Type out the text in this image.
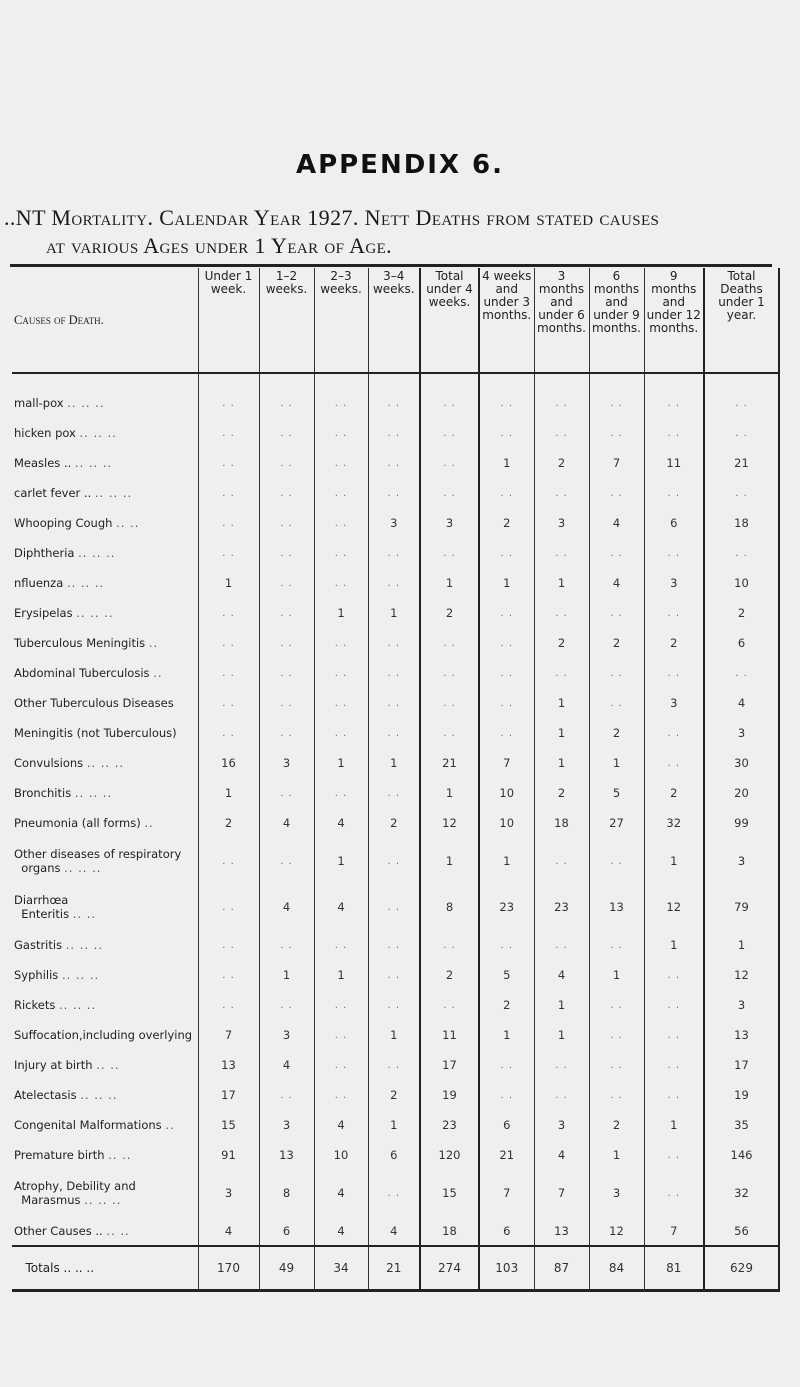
APPENDIX 6.
..NT Mortality. Calendar Year 1927. Nett Deaths from stated causes
at various Ages under 1 Year of Age.
Causes of Death.	Under 1 week.	1–2 weeks.	2–3 weeks.	3–4 weeks.	Total under 4 weeks.	4 weeks and under 3 months.	3 months and under 6 months.	6 months and under 9 months.	9 months and under 12 months.	Total Deaths under 1 year.

mall-pox .. .. ..	. .	. .	. .	. .	. .	. .	. .	. .	. .	. .
hicken pox .. .. ..	. .	. .	. .	. .	. .	. .	. .	. .	. .	. .
Measles .. .. .. ..	. .	. .	. .	. .	. .	1	2	7	11	21
carlet fever .. .. .. ..	. .	. .	. .	. .	. .	. .	. .	. .	. .	. .
Whooping Cough .. ..	. .	. .	. .	3	3	2	3	4	6	18
Diphtheria .. .. ..	. .	. .	. .	. .	. .	. .	. .	. .	. .	. .
nfluenza .. .. ..	1	. .	. .	. .	1	1	1	4	3	10
Erysipelas .. .. ..	. .	. .	1	1	2	. .	. .	. .	. .	2
Tuberculous Meningitis ..	. .	. .	. .	. .	. .	. .	2	2	2	6
Abdominal Tuberculosis ..	. .	. .	. .	. .	. .	. .	. .	. .	. .	. .
Other Tuberculous Diseases	. .	. .	. .	. .	. .	. .	1	. .	3	4
Meningitis (not Tuberculous)	. .	. .	. .	. .	. .	. .	1	2	. .	3
Convulsions .. .. ..	16	3	1	1	21	7	1	1	. .	30
Bronchitis .. .. ..	1	. .	. .	. .	1	10	2	5	2	20
Pneumonia (all forms) ..	2	4	4	2	12	10	18	27	32	99
Other diseases of respiratory
organs .. .. ..	. .	. .	1	. .	1	1	. .	. .	1	3
Diarrhœa
Enteritis .. ..	. .	4	4	. .	8	23	23	13	12	79
Gastritis .. .. ..	. .	. .	. .	. .	. .	. .	. .	. .	1	1
Syphilis .. .. ..	. .	1	1	. .	2	5	4	1	. .	12
Rickets .. .. ..	. .	. .	. .	. .	. .	2	1	. .	. .	3
Suffocation,including overlying	7	3	. .	1	11	1	1	. .	. .	13
Injury at birth .. ..	13	4	. .	. .	17	. .	. .	. .	. .	17
Atelectasis .. .. ..	17	. .	. .	2	19	. .	. .	. .	. .	19
Congenital Malformations ..	15	3	4	1	23	6	3	2	1	35
Premature birth .. ..	91	13	10	6	120	21	4	1	. .	146
Atrophy, Debility and
Marasmus .. .. ..	3	8	4	. .	15	7	7	3	. .	32
Other Causes .. .. ..	4	6	4	4	18	6	13	12	7	56
Totals .. .. ..	170	49	34	21	274	103	87	84	81	629
